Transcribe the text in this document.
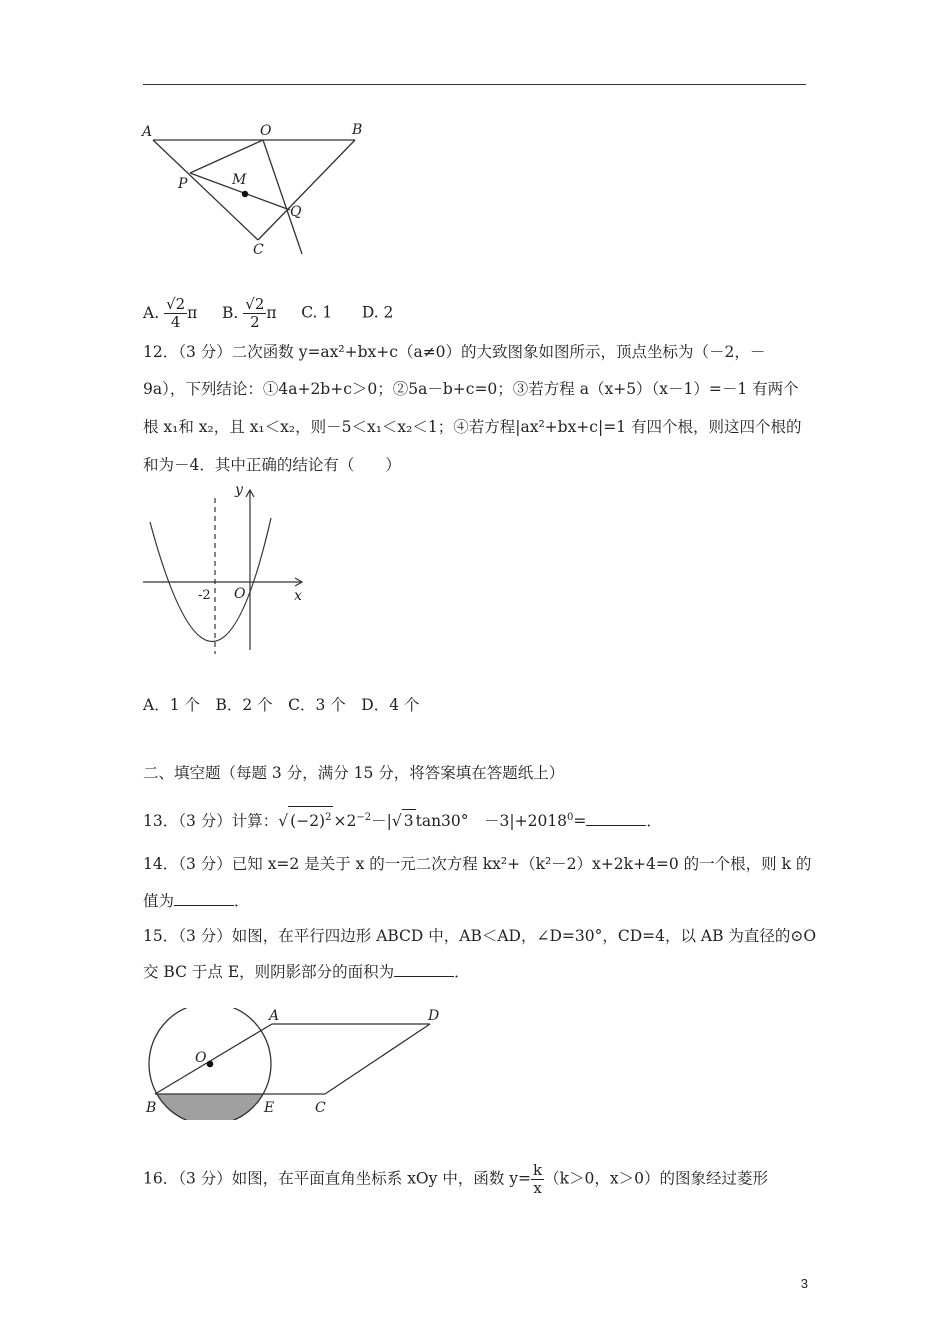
A	O	B
P	M
Q
C
A. $\frac{√2}{4}$ π B. $\frac{√2}{2}$ π C. 1 D. 2
12．（3 分）二次函数 y=ax²+bx+c（a≠0）的大致图象如图所示，顶点坐标为（－2，－
9a），下列结论：①4a+2b+c＞0；②5a－b+c=0；③若方程 a（x+5）（x－1）=－1 有两个
根 x₁和 x₂，且 x₁＜x₂，则－5＜x₁＜x₂＜1；④若方程|ax²+bx+c|=1 有四个根，则这四个根的
和为－4．其中正确的结论有（　　）
y
x
O
-2
A．1 个　B．2 个　C．3 个　D．4 个
二、填空题（每题 3 分，满分 15 分，将答案填在答题纸上）
13．（3 分）计算：√ $(-2)^2 \times 2^{-2}-|√$ 3 tan30°　$-3|+2018^0=$	．
14．（3 分）已知 x=2 是关于 x 的一元二次方程 kx²+（k²－2）x+2k+4=0 的一个根，则 k 的
值为	．
15．（3 分）如图，在平行四边形 ABCD 中，AB＜AD，∠D=30°，CD=4，以 AB 为直径的⊙O
交 BC 于点 E，则阴影部分的面积为	．
A	D
O
B	E	C
16．（3 分）如图，在平面直角坐标系 xOy 中，函数 $y= \frac{k}{x} (k>0$，x＞0）的图象经过菱形
3
